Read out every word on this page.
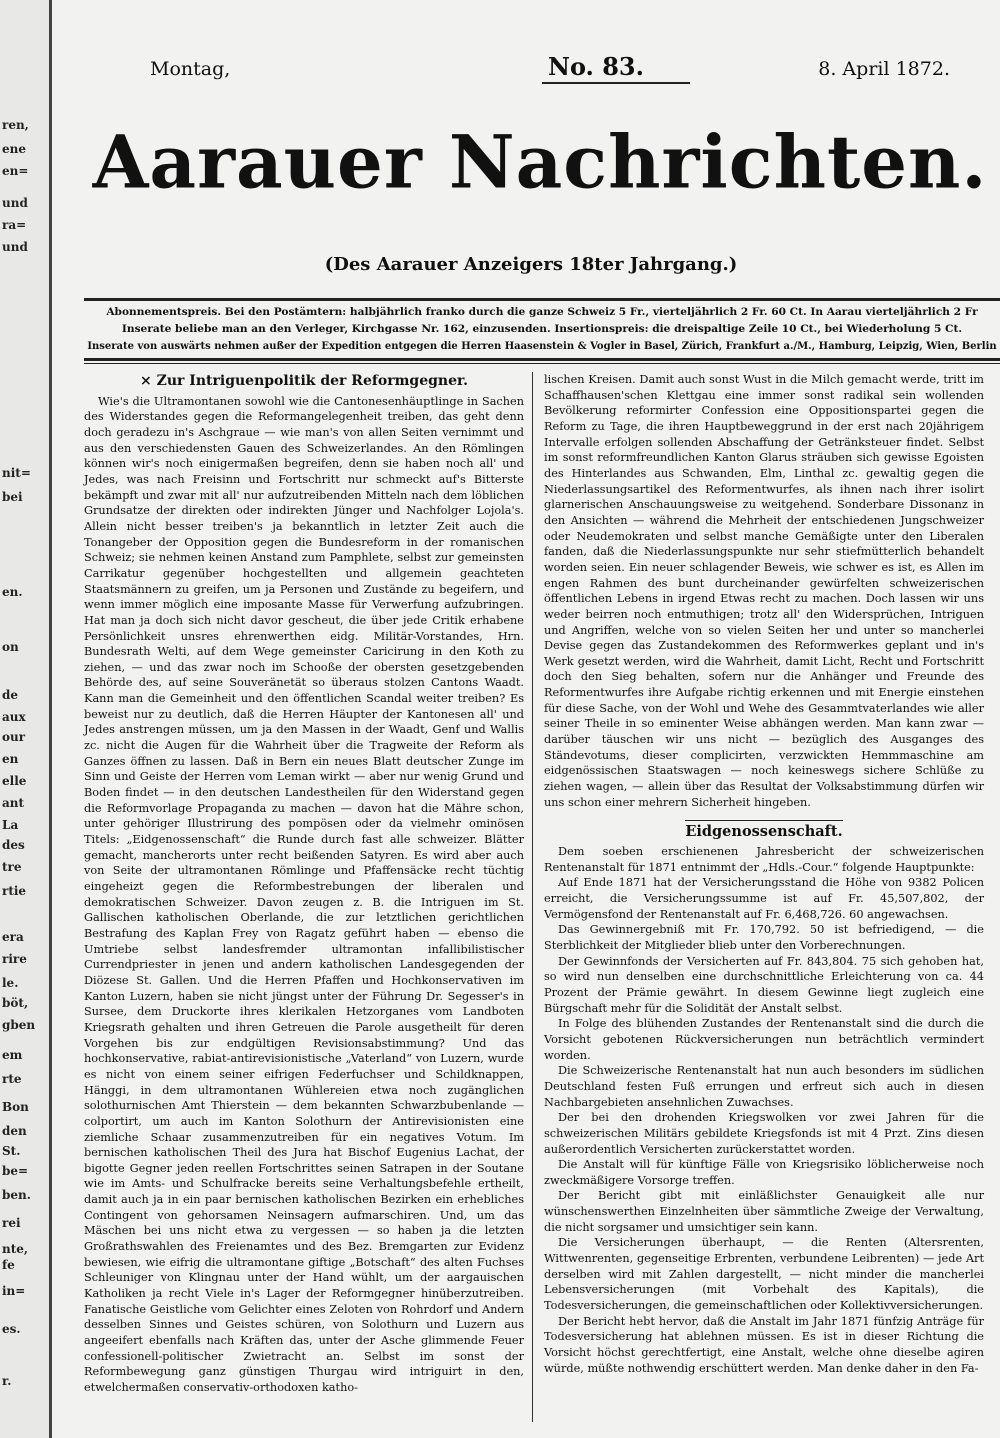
ren,
ene
en=
und
ra=
und
nit=
bei
en.
on
de
aux
our
en
elle
ant
La
des
tre
rtie
era
rire
le.
böt,
gben
em
rte
Bon
den
St.
be=
ben.
rei
nte,
fe
in=
es.
r.
Montag,	No. 83.	8. April 1872.
Aarauer Nachrichten.
(Des Aarauer Anzeigers 18ter Jahrgang.)
Abonnementspreis. Bei den Postämtern: halbjährlich franko durch die ganze Schweiz 5 Fr., vierteljährlich 2 Fr. 60 Ct. In Aarau vierteljährlich 2 Fr
Inserate beliebe man an den Verleger, Kirchgasse Nr. 162, einzusenden. Insertionspreis: die dreispaltige Zeile 10 Ct., bei Wiederholung 5 Ct.
Inserate von auswärts nehmen außer der Expedition entgegen die Herren Haasenstein & Vogler in Basel, Zürich, Frankfurt a./M., Hamburg, Leipzig, Wien, Berlin
× Zur Intriguenpolitik der Reformgegner.

Wie's die Ultramontanen sowohl wie die Cantonesenhäuptlinge in Sachen des Widerstandes gegen die Reformangelegenheit treiben, das geht denn doch geradezu in's Aschgraue — wie man's von allen Seiten vernimmt und aus den verschiedensten Gauen des Schweizerlandes. An den Römlingen können wir's noch einigermaßen begreifen, denn sie haben noch all' und Jedes, was nach Freisinn und Fortschritt nur schmeckt auf's Bitterste bekämpft und zwar mit all' nur aufzutreibenden Mitteln nach dem löblichen Grundsatze der direkten oder indirekten Jünger und Nachfolger Lojola's. Allein nicht besser treiben's ja bekanntlich in letzter Zeit auch die Tonangeber der Opposition gegen die Bundesreform in der romanischen Schweiz; sie nehmen keinen Anstand zum Pamphlete, selbst zur gemeinsten Carrikatur gegenüber hochgestellten und allgemein geachteten Staatsmännern zu greifen, um ja Personen und Zustände zu begeifern, und wenn immer möglich eine imposante Masse für Verwerfung aufzubringen. Hat man ja doch sich nicht davor gescheut, die über jede Critik erhabene Persönlichkeit unsres ehrenwerthen eidg. Militär-Vorstandes, Hrn. Bundesrath Welti, auf dem Wege gemeinster Caricirung in den Koth zu ziehen, — und das zwar noch im Schooße der obersten gesetzgebenden Behörde des, auf seine Souveränetät so überaus stolzen Cantons Waadt. Kann man die Gemeinheit und den öffentlichen Scandal weiter treiben? Es beweist nur zu deutlich, daß die Herren Häupter der Kantonesen all' und Jedes anstrengen müssen, um ja den Massen in der Waadt, Genf und Wallis zc. nicht die Augen für die Wahrheit über die Tragweite der Reform als Ganzes öffnen zu lassen. Daß in Bern ein neues Blatt deutscher Zunge im Sinn und Geiste der Herren vom Leman wirkt — aber nur wenig Grund und Boden findet — in den deutschen Landestheilen für den Widerstand gegen die Reformvorlage Propaganda zu machen — davon hat die Mähre schon, unter gehöriger Illustrirung des pompösen oder da vielmehr ominösen Titels: „Eidgenossenschaft“ die Runde durch fast alle schweizer. Blätter gemacht, mancherorts unter recht beißenden Satyren. Es wird aber auch von Seite der ultramontanen Römlinge und Pfaffensäcke recht tüchtig eingeheizt gegen die Reformbestrebungen der liberalen und demokratischen Schweizer. Davon zeugen z. B. die Intriguen im St. Gallischen katholischen Oberlande, die zur letztlichen gerichtlichen Bestrafung des Kaplan Frey von Ragatz geführt haben — ebenso die Umtriebe selbst landesfremder ultramontan infallibilistischer Currendpriester in jenen und andern katholischen Landesgegenden der Diözese St. Gallen. Und die Herren Pfaffen und Hochkonservativen im Kanton Luzern, haben sie nicht jüngst unter der Führung Dr. Segesser's in Sursee, dem Druckorte ihres klerikalen Hetzorganes vom Landboten Kriegsrath gehalten und ihren Getreuen die Parole ausgetheilt für deren Vorgehen bis zur endgültigen Revisionsabstimmung? Und das hochkonservative, rabiat-antirevisionistische „Vaterland“ von Luzern, wurde es nicht von einem seiner eifrigen Federfuchser und Schildknappen, Hänggi, in dem ultramontanen Wühlereien etwa noch zugänglichen solothurnischen Amt Thierstein — dem bekannten Schwarzbubenlande — colportirt, um auch im Kanton Solothurn der Antirevisionisten eine ziemliche Schaar zusammenzutreiben für ein negatives Votum. Im bernischen katholischen Theil des Jura hat Bischof Eugenius Lachat, der bigotte Gegner jeden reellen Fortschrittes seinen Satrapen in der Soutane wie im Amts- und Schulfracke bereits seine Verhaltungsbefehle ertheilt, damit auch ja in ein paar bernischen katholischen Bezirken ein erhebliches Contingent von gehorsamen Neinsagern aufmarschiren. Und, um das Mäschen bei uns nicht etwa zu vergessen — so haben ja die letzten Großrathswahlen des Freienamtes und des Bez. Bremgarten zur Evidenz bewiesen, wie eifrig die ultramontane giftige „Botschaft“ des alten Fuchses Schleuniger von Klingnau unter der Hand wühlt, um der aargauischen Katholiken ja recht Viele in's Lager der Reformgegner hinüberzutreiben. Fanatische Geistliche vom Gelichter eines Zeloten von Rohrdorf und Andern desselben Sinnes und Geistes schüren, von Solothurn und Luzern aus angeeifert ebenfalls nach Kräften das, unter der Asche glimmende Feuer confessionell-politischer Zwietracht an. Selbst im sonst der Reformbewegung ganz günstigen Thurgau wird intriguirt in den, etwelchermaßen conservativ-orthodoxen katho-

lischen Kreisen. Damit auch sonst Wust in die Milch gemacht werde, tritt im Schaffhausen'schen Klettgau eine immer sonst radikal sein wollenden Bevölkerung reformirter Confession eine Oppositionspartei gegen die Reform zu Tage, die ihren Hauptbeweggrund in der erst nach 20jährigem Intervalle erfolgen sollenden Abschaffung der Getränksteuer findet. Selbst im sonst reformfreundlichen Kanton Glarus sträuben sich gewisse Egoisten des Hinterlandes aus Schwanden, Elm, Linthal zc. gewaltig gegen die Niederlassungsartikel des Reformentwurfes, als ihnen nach ihrer isolirt glarnerischen Anschauungsweise zu weitgehend. Sonderbare Dissonanz in den Ansichten — während die Mehrheit der entschiedenen Jungschweizer oder Neudemokraten und selbst manche Gemäßigte unter den Liberalen fanden, daß die Niederlassungspunkte nur sehr stiefmütterlich behandelt worden seien. Ein neuer schlagender Beweis, wie schwer es ist, es Allen im engen Rahmen des bunt durcheinander gewürfelten schweizerischen öffentlichen Lebens in irgend Etwas recht zu machen. Doch lassen wir uns weder beirren noch entmuthigen; trotz all' den Widersprüchen, Intriguen und Angriffen, welche von so vielen Seiten her und unter so mancherlei Devise gegen das Zustandekommen des Reformwerkes geplant und in's Werk gesetzt werden, wird die Wahrheit, damit Licht, Recht und Fortschritt doch den Sieg behalten, sofern nur die Anhänger und Freunde des Reformentwurfes ihre Aufgabe richtig erkennen und mit Energie einstehen für diese Sache, von der Wohl und Wehe des Gesammtvaterlandes wie aller seiner Theile in so eminenter Weise abhängen werden. Man kann zwar — darüber täuschen wir uns nicht — bezüglich des Ausganges des Ständevotums, dieser complicirten, verzwickten Hemmmaschine am eidgenössischen Staatswagen — noch keineswegs sichere Schlüße zu ziehen wagen, — allein über das Resultat der Volksabstimmung dürfen wir uns schon einer mehrern Sicherheit hingeben.

Eidgenossenschaft.

Dem soeben erschienenen Jahresbericht der schweizerischen Rentenanstalt für 1871 entnimmt der „Hdls.-Cour.“ folgende Hauptpunkte:

Auf Ende 1871 hat der Versicherungsstand die Höhe von 9382 Policen erreicht, die Versicherungssumme ist auf Fr. 45,507,802, der Vermögensfond der Rentenanstalt auf Fr. 6,468,726. 60 angewachsen.

Das Gewinnergebniß mit Fr. 170,792. 50 ist befriedigend, — die Sterblichkeit der Mitglieder blieb unter den Vorberechnungen.

Der Gewinnfonds der Versicherten auf Fr. 843,804. 75 sich gehoben hat, so wird nun denselben eine durchschnittliche Erleichterung von ca. 44 Prozent der Prämie gewährt. In diesem Gewinne liegt zugleich eine Bürgschaft mehr für die Solidität der Anstalt selbst.

In Folge des blühenden Zustandes der Rentenanstalt sind die durch die Vorsicht gebotenen Rückversicherungen nun beträchtlich vermindert worden.

Die Schweizerische Rentenanstalt hat nun auch besonders im südlichen Deutschland festen Fuß errungen und erfreut sich auch in diesen Nachbargebieten ansehnlichen Zuwachses.

Der bei den drohenden Kriegswolken vor zwei Jahren für die schweizerischen Militärs gebildete Kriegsfonds ist mit 4 Przt. Zins diesen außerordentlich Versicherten zurückerstattet worden.

Die Anstalt will für künftige Fälle von Kriegsrisiko löblicherweise noch zweckmäßigere Vorsorge treffen.

Der Bericht gibt mit einläßlichster Genauigkeit alle nur wünschenswerthen Einzelnheiten über sämmtliche Zweige der Verwaltung, die nicht sorgsamer und umsichtiger sein kann.

Die Versicherungen überhaupt, — die Renten (Altersrenten, Wittwenrenten, gegenseitige Erbrenten, verbundene Leibrenten) — jede Art derselben wird mit Zahlen dargestellt, — nicht minder die mancherlei Lebensversicherungen (mit Vorbehalt des Kapitals), die Todesversicherungen, die gemeinschaftlichen oder Kollektivversicherungen.

Der Bericht hebt hervor, daß die Anstalt im Jahr 1871 fünfzig Anträge für Todesversicherung hat ablehnen müssen. Es ist in dieser Richtung die Vorsicht höchst gerechtfertigt, eine Anstalt, welche ohne dieselbe agiren würde, müßte nothwendig erschüttert werden. Man denke daher in den Fa-
